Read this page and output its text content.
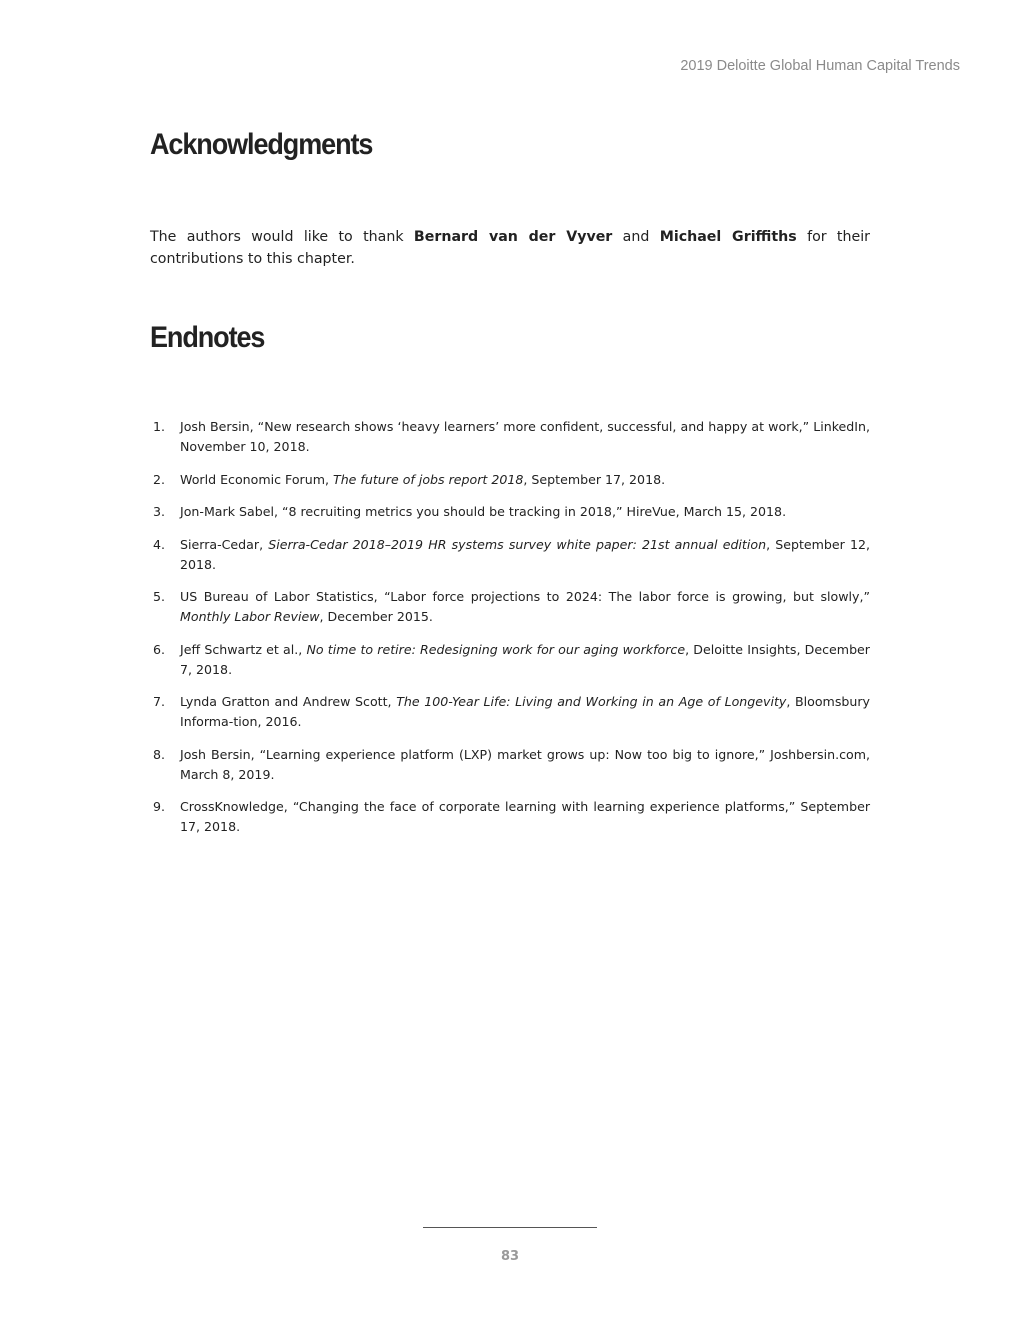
2019 Deloitte Global Human Capital Trends
Acknowledgments

The authors would like to thank Bernard van der Vyver and Michael Griffiths for their contributions to this chapter.

Endnotes
1. Josh Bersin, “New research shows ‘heavy learners’ more confident, successful, and happy at work,” LinkedIn, November 10, 2018.
2. World Economic Forum, The future of jobs report 2018, September 17, 2018.
3. Jon-Mark Sabel, “8 recruiting metrics you should be tracking in 2018,” HireVue, March 15, 2018.
4. Sierra-Cedar, Sierra-Cedar 2018–2019 HR systems survey white paper: 21st annual edition, September 12, 2018.
5. US Bureau of Labor Statistics, “Labor force projections to 2024: The labor force is growing, but slowly,” Monthly Labor Review, December 2015.
6. Jeff Schwartz et al., No time to retire: Redesigning work for our aging workforce, Deloitte Insights, December 7, 2018.
7. Lynda Gratton and Andrew Scott, The 100-Year Life: Living and Working in an Age of Longevity, Bloomsbury Informa-tion, 2016.
8. Josh Bersin, “Learning experience platform (LXP) market grows up: Now too big to ignore,” Joshbersin.com, March 8, 2019.
9. CrossKnowledge, “Changing the face of corporate learning with learning experience platforms,” September 17, 2018.
83
